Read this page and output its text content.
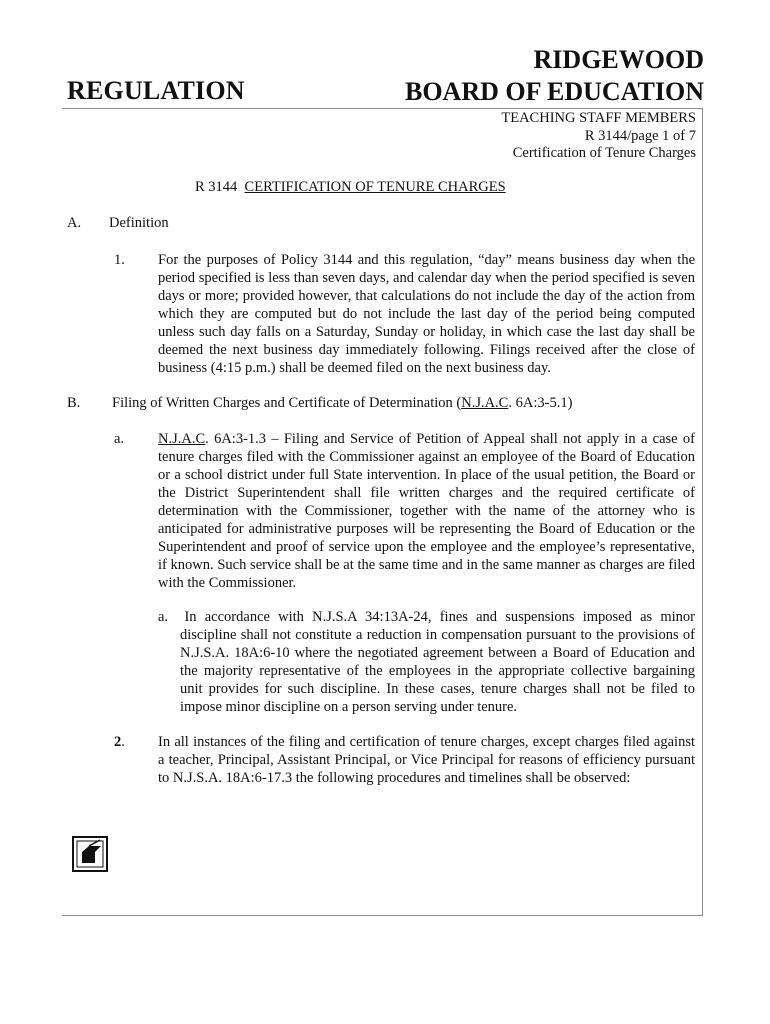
REGULATION
RIDGEWOOD
BOARD OF EDUCATION
TEACHING STAFF MEMBERS
R 3144/page 1 of 7
Certification of Tenure Charges
R 3144 CERTIFICATION OF TENURE CHARGES
A. Definition
1. For the purposes of Policy 3144 and this regulation, “day” means business day when the period specified is less than seven days, and calendar day when the period specified is seven days or more; provided however, that calculations do not include the day of the action from which they are computed but do not include the last day of the period being computed unless such day falls on a Saturday, Sunday or holiday, in which case the last day shall be deemed the next business day immediately following. Filings received after the close of business (4:15 p.m.) shall be deemed filed on the next business day.
B. Filing of Written Charges and Certificate of Determination (N.J.A.C. 6A:3-5.1)
a. N.J.A.C. 6A:3-1.3 – Filing and Service of Petition of Appeal shall not apply in a case of tenure charges filed with the Commissioner against an employee of the Board of Education or a school district under full State intervention. In place of the usual petition, the Board or the District Superintendent shall file written charges and the required certificate of determination with the Commissioner, together with the name of the attorney who is anticipated for administrative purposes will be representing the Board of Education or the Superintendent and proof of service upon the employee and the employee’s representative, if known. Such service shall be at the same time and in the same manner as charges are filed with the Commissioner.
a. In accordance with N.J.S.A 34:13A-24, fines and suspensions imposed as minor discipline shall not constitute a reduction in compensation pursuant to the provisions of N.J.S.A. 18A:6-10 where the negotiated agreement between a Board of Education and the majority representative of the employees in the appropriate collective bargaining unit provides for such discipline. In these cases, tenure charges shall not be filed to impose minor discipline on a person serving under tenure.
2. In all instances of the filing and certification of tenure charges, except charges filed against a teacher, Principal, Assistant Principal, or Vice Principal for reasons of efficiency pursuant to N.J.S.A. 18A:6-17.3 the following procedures and timelines shall be observed:
